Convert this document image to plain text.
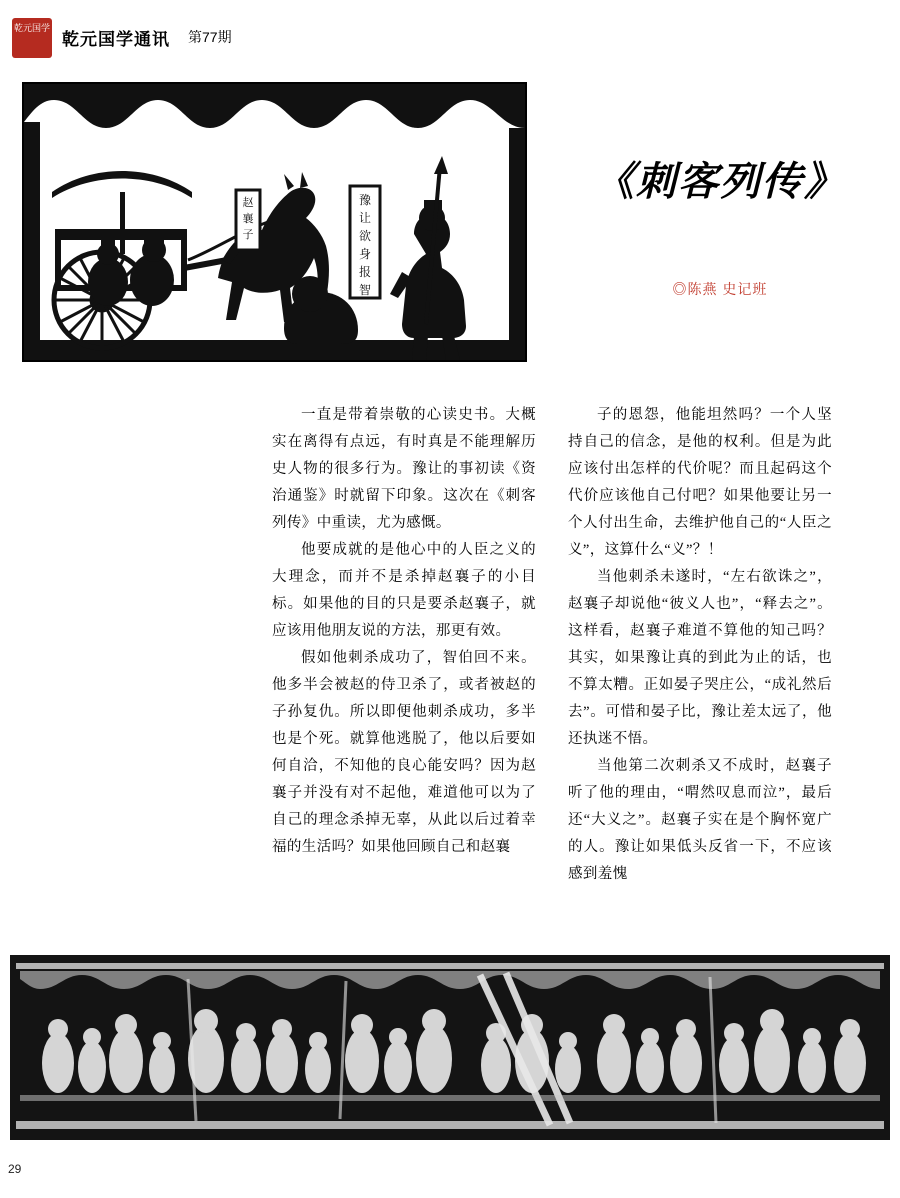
乾元国学
乾元国学通讯 第77期
赵
襄
子
豫
让
欲
身
报
智
《刺客列传》
◎陈燕 史记班

一直是带着崇敬的心读史书。大概实在离得有点远，有时真是不能理解历史人物的很多行为。豫让的事初读《资治通鉴》时就留下印象。这次在《刺客列传》中重读，尤为感慨。

他要成就的是他心中的人臣之义的大理念，而并不是杀掉赵襄子的小目标。如果他的目的只是要杀赵襄子，就应该用他朋友说的方法，那更有效。

假如他刺杀成功了，智伯回不来。他多半会被赵的侍卫杀了，或者被赵的子孙复仇。所以即便他刺杀成功，多半也是个死。就算他逃脱了，他以后要如何自洽，不知他的良心能安吗？因为赵襄子并没有对不起他，难道他可以为了自己的理念杀掉无辜，从此以后过着幸福的生活吗？如果他回顾自己和赵襄

子的恩怨，他能坦然吗？一个人坚持自己的信念，是他的权利。但是为此应该付出怎样的代价呢？而且起码这个代价应该他自己付吧？如果他要让另一个人付出生命，去维护他自己的“人臣之义”，这算什么“义”？！

当他刺杀未遂时，“左右欲诛之”，赵襄子却说他“彼义人也”，“释去之”。这样看，赵襄子难道不算他的知己吗？其实，如果豫让真的到此为止的话，也不算太糟。正如晏子哭庄公，“成礼然后去”。可惜和晏子比，豫让差太远了，他还执迷不悟。

当他第二次刺杀又不成时，赵襄子听了他的理由，“喟然叹息而泣”，最后还“大义之”。赵襄子实在是个胸怀宽广的人。豫让如果低头反省一下，不应该感到羞愧

29
